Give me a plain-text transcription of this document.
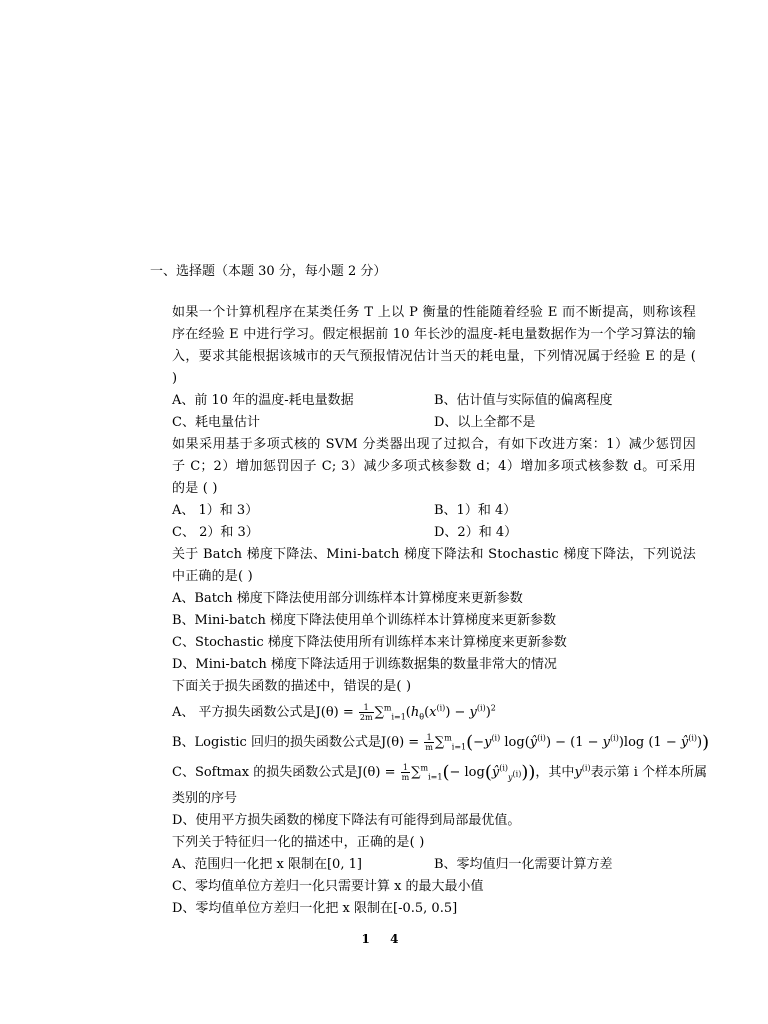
一、选择题（本题 30 分，每小题 2 分）
如果一个计算机程序在某类任务 T 上以 P 衡量的性能随着经验 E 而不断提高，则称该程序在经验 E 中进行学习。假定根据前 10 年长沙的温度-耗电量数据作为一个学习算法的输入，要求其能根据该城市的天气预报情况估计当天的耗电量，下列情况属于经验 E 的是 ( )
A、前 10 年的温度-耗电量数据	B、估计值与实际值的偏离程度
C、耗电量估计	D、以上全都不是
如果采用基于多项式核的 SVM 分类器出现了过拟合，有如下改进方案：1）减少惩罚因子 C；2）增加惩罚因子 C; 3）减少多项式核参数 d；4）增加多项式核参数 d。可采用的是 ( )
A、 1）和 3）	B、1）和 4）
C、 2）和 3）	D、2）和 4）
关于 Batch 梯度下降法、Mini-batch 梯度下降法和 Stochastic 梯度下降法，下列说法中正确的是( )
A、Batch 梯度下降法使用部分训练样本计算梯度来更新参数
B、Mini-batch 梯度下降法使用单个训练样本计算梯度来更新参数
C、Stochastic 梯度下降法使用所有训练样本来计算梯度来更新参数
D、Mini-batch 梯度下降法适用于训练数据集的数量非常大的情况
下面关于损失函数的描述中，错误的是( )
A、 平方损失函数公式是$J(\theta) = \frac{1}{2m} \sum^m_{i=1}(h_\theta(x^{(i)}) - y^{(i)})^2$
B、Logistic 回归的损失函数公式是$J(\theta) = \frac{1}{m} \sum^m_{i=1}(-y^{(i)}$ $\log(ŷ^{(i)}) - (1 - y^{(i)})\log$ $(1 - ŷ^{(i)})$)
C、Softmax 的损失函数公式是$J(\theta) = \frac{1}{m} \sum^m_{i=1}(-$ $\log(ŷ^{(i)}_{y^{(i)}})$)，其中$y^{(i)}$表示第 i 个样本所属
类别的序号
D、使用平方损失函数的梯度下降法有可能得到局部最优值。
下列关于特征归一化的描述中，正确的是( )
A、范围归一化把 x 限制在[0, 1]	B、零均值归一化需要计算方差
C、零均值单位方差归一化只需要计算 x 的最大最小值
D、零均值单位方差归一化把 x 限制在[-0.5, 0.5]
1 4
